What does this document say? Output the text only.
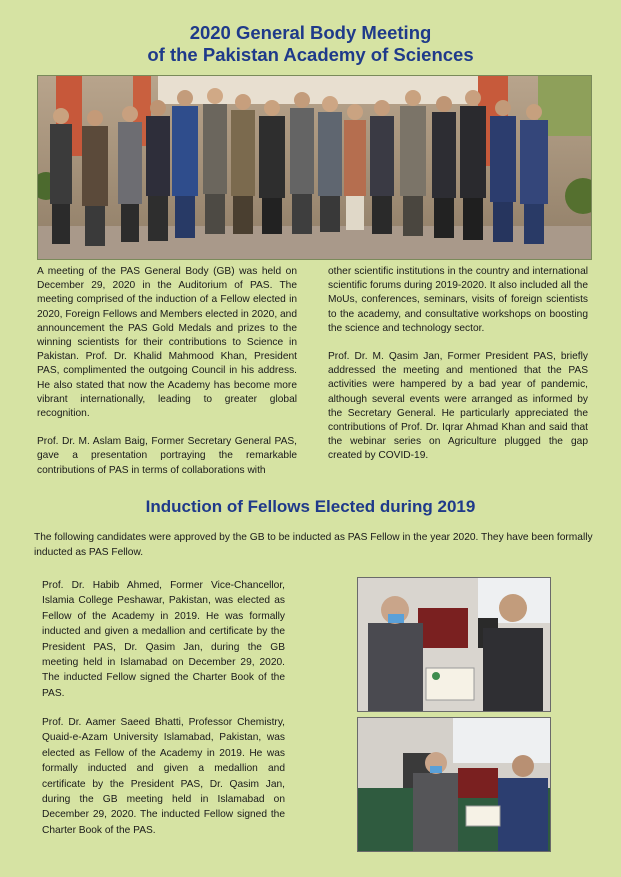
2020 General Body Meeting
of the Pakistan Academy of Sciences

A meeting of the PAS General Body (GB) was held on December 29, 2020 in the Auditorium of PAS. The meeting comprised of the induction of a Fellow elected in 2020, Foreign Fellows and Members elected in 2020, and announcement the PAS Gold Medals and prizes to the winning scientists for their contributions to Science in Pakistan. Prof. Dr. Khalid Mahmood Khan, President PAS, complimented the outgoing Council in his address. He also stated that now the Academy has become more vibrant internationally, leading to greater global recognition.

Prof. Dr. M. Aslam Baig, Former Secretary General PAS, gave a presentation portraying the remarkable contributions of PAS in terms of collaborations with

other scientific institutions in the country and international scientific forums during 2019-2020. It also included all the MoUs, conferences, seminars, visits of foreign scientists to the academy, and consultative workshops on boosting the science and technology sector.

Prof. Dr. M. Qasim Jan, Former President PAS, briefly addressed the meeting and mentioned that the PAS activities were hampered by a bad year of pandemic, although several events were arranged as informed by the Secretary General. He particularly appreciated the contributions of Prof. Dr. Iqrar Ahmad Khan and said that the webinar series on Agriculture plugged the gap created by COVID-19.

Induction of Fellows Elected during 2019
The following candidates were approved by the GB to be inducted as PAS Fellow in the year 2020. They have been formally inducted as PAS Fellow.
Prof. Dr. Habib Ahmed, Former Vice-Chancellor, Islamia College Peshawar, Pakistan, was elected as Fellow of the Academy in 2019. He was formally inducted and given a medallion and certificate by the President PAS, Dr. Qasim Jan, during the GB meeting held in Islamabad on December 29, 2020. The inducted Fellow signed the Charter Book of the PAS.
Prof. Dr. Aamer Saeed Bhatti, Professor Chemistry, Quaid-e-Azam University Islamabad, Pakistan, was elected as Fellow of the Academy in 2019. He was formally inducted and given a medallion and certificate by the President PAS, Dr. Qasim Jan, during the GB meeting held in Islamabad on December 29, 2020. The inducted Fellow signed the Charter Book of the PAS.
